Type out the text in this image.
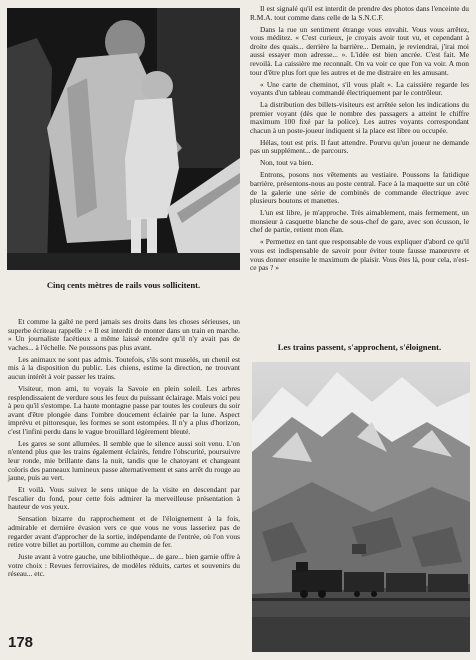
Cinq cents mètres de rails vous sollicitent.

Et comme la gaîté ne perd jamais ses droits dans les choses sérieuses, un superbe écriteau rappelle : « Il est interdit de monter dans un train en marche. » Un journaliste facétieux a même laissé entendre qu'il n'y avait pas de vaches... à l'échelle. Ne poussons pas plus avant.

Les animaux ne sont pas admis. Toutefois, s'ils sont muselés, un chenil est mis à la disposition du public. Les chiens, estime la direction, ne trouvant aucun intérêt à voir passer les trains.

Visiteur, mon ami, tu voyais la Savoie en plein soleil. Les arbres resplendissaient de verdure sous les feux du puissant éclairage. Mais voici peu à peu qu'il s'estompe. La haute montagne passe par toutes les couleurs du soir avant d'être plongée dans l'ombre doucement éclairée par la lune. Aspect imprévu et pittoresque, les formes se sont estompées. Il n'y a plus d'horizon, c'est l'infini perdu dans le vague brouillard légèrement bleuté.

Les gares se sont allumées. Il semble que le silence aussi soit venu. L'on n'entend plus que les trains également éclairés, fendre l'obscurité, poursuivre leur ronde, mie brillante dans la nuit, tandis que le chatoyant et changeant coloris des panneaux lumineux passe alternativement et sans arrêt du rouge au jaune, puis au vert.

Et voilà. Vous suivez le sens unique de la visite en descendant par l'escalier du fond, pour cette fois admirer la merveilleuse présentation à hauteur de vos yeux.

Sensation bizarre du rapprochement et de l'éloignement à la fois, admirable et dernière évasion vers ce que vous ne vous lasseriez pas de regarder avant d'approcher de la sortie, indépendante de l'entrée, où l'on vous retire votre billet au portillon, comme au chemin de fer.

Juste avant à votre gauche, une bibliothèque... de gare... bien garnie offre à votre choix : Revues ferroviaires, de modèles réduits, cartes et souvenirs du réseau... etc.

178

Il est signalé qu'il est interdit de prendre des photos dans l'enceinte du R.M.A. tout comme dans celle de la S.N.C.F.

Dans la rue un sentiment étrange vous envahit. Vous vous arrêtez, vous méditez. « C'est curieux, je croyais avoir tout vu, et cependant à droite des quais... derrière la barrière... Demain, je reviendrai, j'irai moi aussi essayer mon adresse... ». L'idée est bien ancrée. C'est fait. Me revoilà. La caissière me reconnaît. On va voir ce que l'on va voir. A mon tour d'être plus fort que les autres et de me distraire en les amusant.

« Une carte de cheminot, s'il vous plaît ». La caissière regarde les voyants d'un tableau commandé électriquement par le contrôleur.

La distribution des billets-visiteurs est arrêtée selon les indications du premier voyant (dès que le nombre des passagers a atteint le chiffre maximum 100 fixé par la police). Les autres voyants correspondant chacun à un poste-joueur indiquent si la place est libre ou occupée.

Hélas, tout est pris. Il faut attendre. Pourvu qu'un joueur ne demande pas un supplément... de parcours.

Non, tout va bien.

Entrons, posons nos vêtements au vestiaire. Poussons la fatidique barrière, présentons-nous au poste central. Face à la maquette sur un côté de la galerie une série de combinés de commande électrique avec plusieurs boutons et manettes.

L'un est libre, je m'approche. Très aimablement, mais fermement, un monsieur à casquette blanche de sous-chef de gare, avec son écusson, le chef de partie, retient mon élan.

« Permettez en tant que responsable de vous expliquer d'abord ce qu'il vous est indispensable de savoir pour éviter toute fausse manœuvre et vous donner ensuite le maximum de plaisir. Vous êtes là, pour cela, n'est-ce pas ? »

Les trains passent, s'approchent, s'éloignent.
